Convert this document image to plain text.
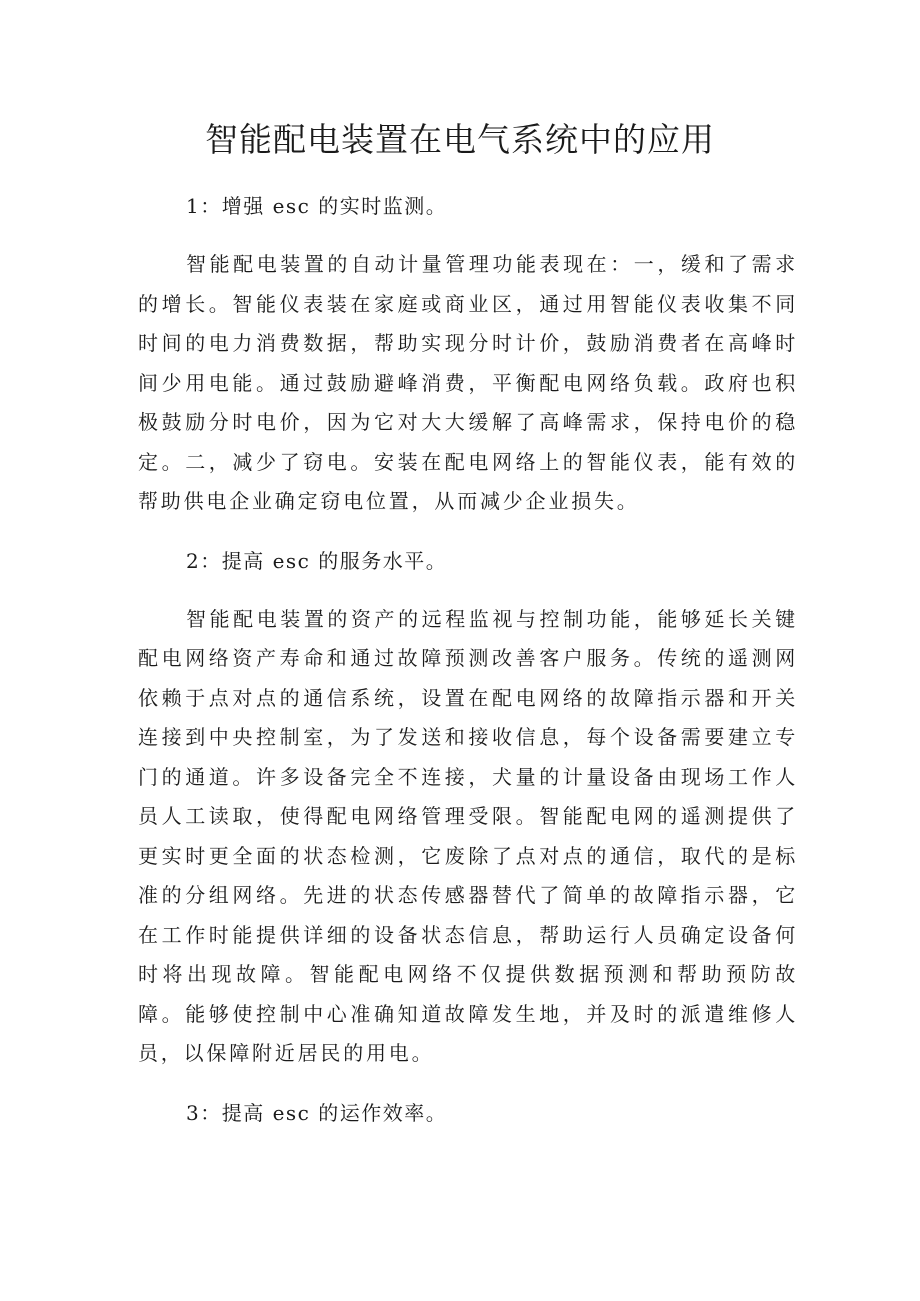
智能配电装置在电气系统中的应用

1：增强 esc 的实时监测。

智能配电装置的自动计量管理功能表现在：一，缓和了需求的增长。智能仪表装在家庭或商业区，通过用智能仪表收集不同时间的电力消费数据，帮助实现分时计价，鼓励消费者在高峰时间少用电能。通过鼓励避峰消费，平衡配电网络负载。政府也积极鼓励分时电价，因为它对大大缓解了高峰需求，保持电价的稳定。二，减少了窃电。安装在配电网络上的智能仪表，能有效的帮助供电企业确定窃电位置，从而减少企业损失。

2：提高 esc 的服务水平。

智能配电装置的资产的远程监视与控制功能，能够延长关键配电网络资产寿命和通过故障预测改善客户服务。传统的遥测网依赖于点对点的通信系统，设置在配电网络的故障指示器和开关连接到中央控制室，为了发送和接收信息，每个设备需要建立专门的通道。许多设备完全不连接，犬量的计量设备由现场工作人员人工读取，使得配电网络管理受限。智能配电网的遥测提供了更实时更全面的状态检测，它废除了点对点的通信，取代的是标准的分组网络。先进的状态传感器替代了简单的故障指示器，它在工作时能提供详细的设备状态信息，帮助运行人员确定设备何时将出现故障。智能配电网络不仅提供数据预测和帮助预防故障。能够使控制中心准确知道故障发生地，并及时的派遣维修人员，以保障附近居民的用电。

3：提高 esc 的运作效率。
